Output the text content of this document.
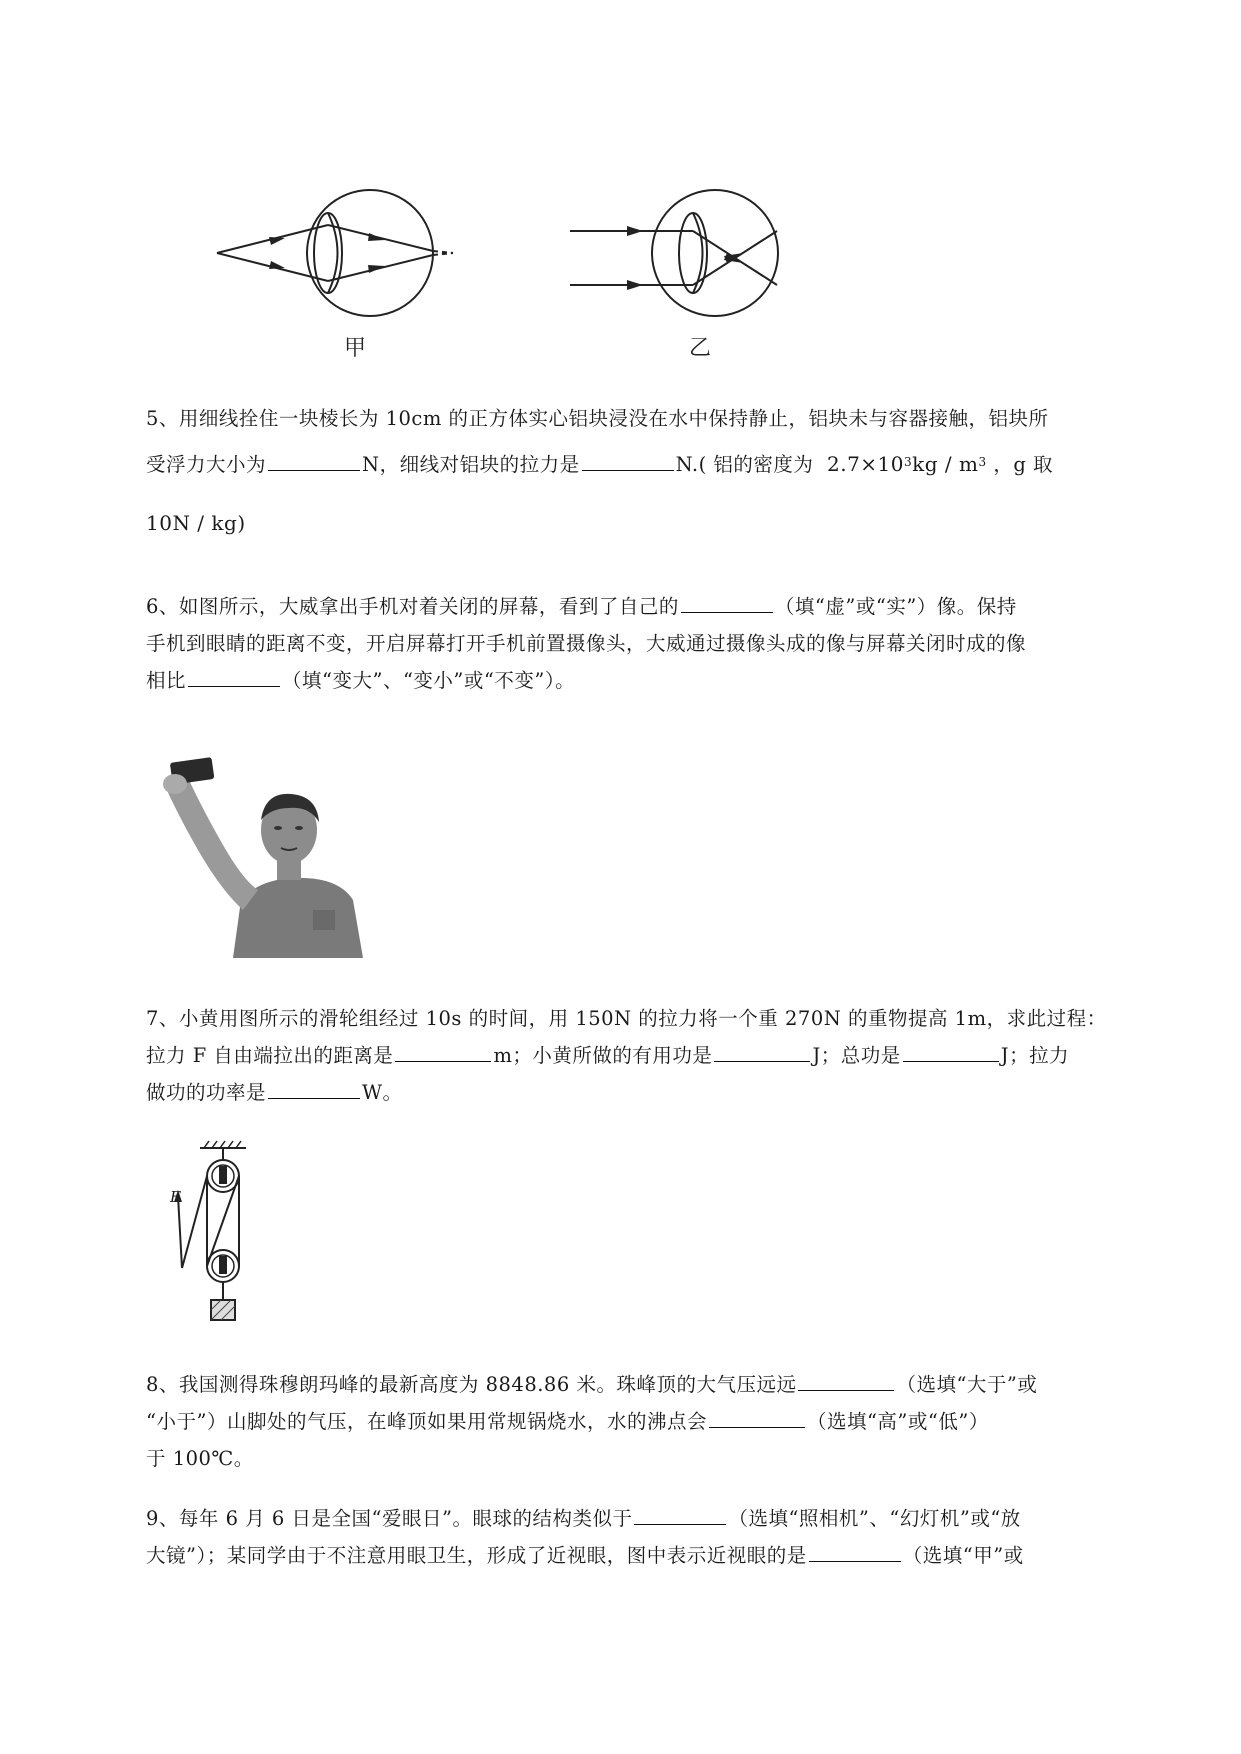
甲	乙
5、用细线拴住一块棱长为 10cm 的正方体实心铝块浸没在水中保持静止，铝块未与容器接触，铝块所
受浮力大小为	N，细线对铝块的拉力是	N.( 铝的密度为 $2.7\times 10^3kg / m^3$ ，g 取
10N / kg)
6、如图所示，大威拿出手机对着关闭的屏幕，看到了自己的	（填“虚”或“实”）像。保持
手机到眼睛的距离不变，开启屏幕打开手机前置摄像头，大威通过摄像头成的像与屏幕关闭时成的像
相比	（填“变大”、“变小”或“不变”）。
7、小黄用图所示的滑轮组经过 10s 的时间，用 150N 的拉力将一个重 270N 的重物提高 1m，求此过程：
拉力 F 自由端拉出的距离是	m；小黄所做的有用功是	J；总功是	J；拉力
做功的功率是	W。
F
8、我国测得珠穆朗玛峰的最新高度为 8848.86 米。珠峰顶的大气压远远	（选填“大于”或
“小于”）山脚处的气压，在峰顶如果用常规锅烧水，水的沸点会	（选填“高”或“低”）
于 100℃。
9、每年 6 月 6 日是全国“爱眼日”。眼球的结构类似于	（选填“照相机”、“幻灯机”或“放
大镜”）；某同学由于不注意用眼卫生，形成了近视眼，图中表示近视眼的是	（选填“甲”或
